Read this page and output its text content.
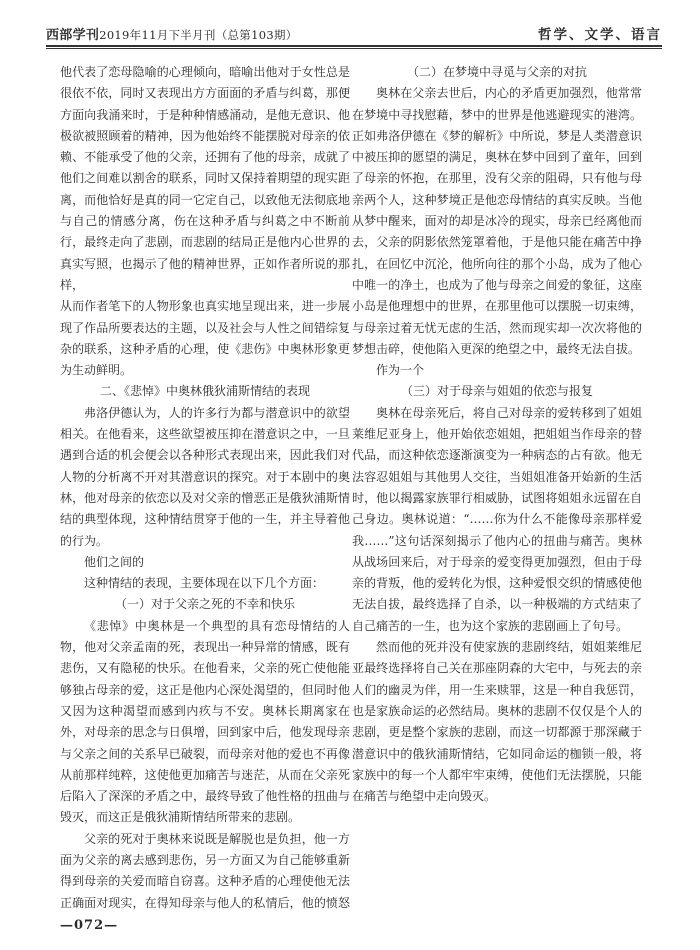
西部学刊2019年11月下半月刊（总第103期）	哲学、文学、语言

他代表了恋母隐喻的心理倾向，暗喻出他对于女性总是很依不依，同时又表现出方方面面的矛盾与纠葛，那便方面向我涌来时，于是种种情感涌动，是他无意识、他极欲被照顾着的精神，因为他始终不能摆脱对母亲的依赖、不能承受了他的父亲，还拥有了他的母亲，成就了他们之间难以割舍的联系，同时又保持着期望的现实距离，而他恰好是真的同一它定自己，以致他无法彻底地与自己的情感分离，伤在这种矛盾与纠葛之中不断前行，最终走向了悲剧，而悲剧的结局正是他内心世界的真实写照，也揭示了他的精神世界，正如作者所说的那样，

从而作者笔下的人物形象也真实地呈现出来，进一步展现了作品所要表达的主题，以及社会与人性之间错综复杂的联系，这种矛盾的心理，使《悲伤》中奥林形象更为生动鲜明。

二、《悲悼》中奥林俄狄浦斯情结的表现

弗洛伊德认为，人的许多行为都与潜意识中的欲望相关。在他看来，这些欲望被压抑在潜意识之中，一旦遇到合适的机会便会以各种形式表现出来，因此我们对人物的分析离不开对其潜意识的探究。对于本剧中的奥林，他对母亲的依恋以及对父亲的憎恶正是俄狄浦斯情结的典型体现，这种情结贯穿于他的一生，并主导着他的行为。

他们之间的

这种情结的表现，主要体现在以下几个方面：

（一）对于父亲之死的不幸和快乐

《悲悼》中奥林是一个典型的具有恋母情结的人物，他对父亲孟南的死，表现出一种异常的情感，既有悲伤，又有隐秘的快乐。在他看来，父亲的死亡使他能够独占母亲的爱，这正是他内心深处渴望的，但同时他又因为这种渴望而感到内疚与不安。奥林长期离家在外，对母亲的思念与日俱增，回到家中后，他发现母亲与父亲之间的关系早已破裂，而母亲对他的爱也不再像从前那样纯粹，这使他更加痛苦与迷茫，从而在父亲死后陷入了深深的矛盾之中，最终导致了他性格的扭曲与毁灭，而这正是俄狄浦斯情结所带来的悲剧。

父亲的死对于奥林来说既是解脱也是负担，他一方面为父亲的离去感到悲伤，另一方面又为自己能够重新得到母亲的关爱而暗自窃喜。这种矛盾的心理使他无法正确面对现实，在得知母亲与他人的私情后，他的愤怒

（二）在梦境中寻觅与父亲的对抗

奥林在父亲去世后，内心的矛盾更加强烈，他常常在梦境中寻找慰藉，梦中的世界是他逃避现实的港湾。正如弗洛伊德在《梦的解析》中所说，梦是人类潜意识中被压抑的愿望的满足，奥林在梦中回到了童年，回到了母亲的怀抱，在那里，没有父亲的阻碍，只有他与母亲两个人，这种梦境正是他恋母情结的真实反映。当他从梦中醒来，面对的却是冰冷的现实，母亲已经离他而去，父亲的阴影依然笼罩着他，于是他只能在痛苦中挣扎，在回忆中沉沦，他所向往的那个小岛，成为了他心中唯一的净土，也成为了他与母亲之间爱的象征，这座小岛是他理想中的世界，在那里他可以摆脱一切束缚，与母亲过着无忧无虑的生活，然而现实却一次次将他的梦想击碎，使他陷入更深的绝望之中，最终无法自拔。

作为一个

（三）对于母亲与姐姐的依恋与报复

奥林在母亲死后，将自己对母亲的爱转移到了姐姐莱维尼亚身上，他开始依恋姐姐，把姐姐当作母亲的替代品，而这种依恋逐渐演变为一种病态的占有欲。他无法容忍姐姐与其他男人交往，当姐姐准备开始新的生活时，他以揭露家族罪行相威胁，试图将姐姐永远留在自己身边。奥林说道：“……你为什么不能像母亲那样爱我……”这句话深刻揭示了他内心的扭曲与痛苦。奥林从战场回来后，对于母亲的爱变得更加强烈，但由于母亲的背叛，他的爱转化为恨，这种爱恨交织的情感使他无法自拔，最终选择了自杀，以一种极端的方式结束了自己痛苦的一生，也为这个家族的悲剧画上了句号。

然而他的死并没有使家族的悲剧终结，姐姐莱维尼亚最终选择将自己关在那座阴森的大宅中，与死去的亲人们的幽灵为伴，用一生来赎罪，这是一种自我惩罚，也是家族命运的必然结局。奥林的悲剧不仅仅是个人的悲剧，更是整个家族的悲剧，而这一切都源于那深藏于潜意识中的俄狄浦斯情结，它如同命运的枷锁一般，将家族中的每一个人都牢牢束缚，使他们无法摆脱，只能在痛苦与绝望中走向毁灭。

—072—
